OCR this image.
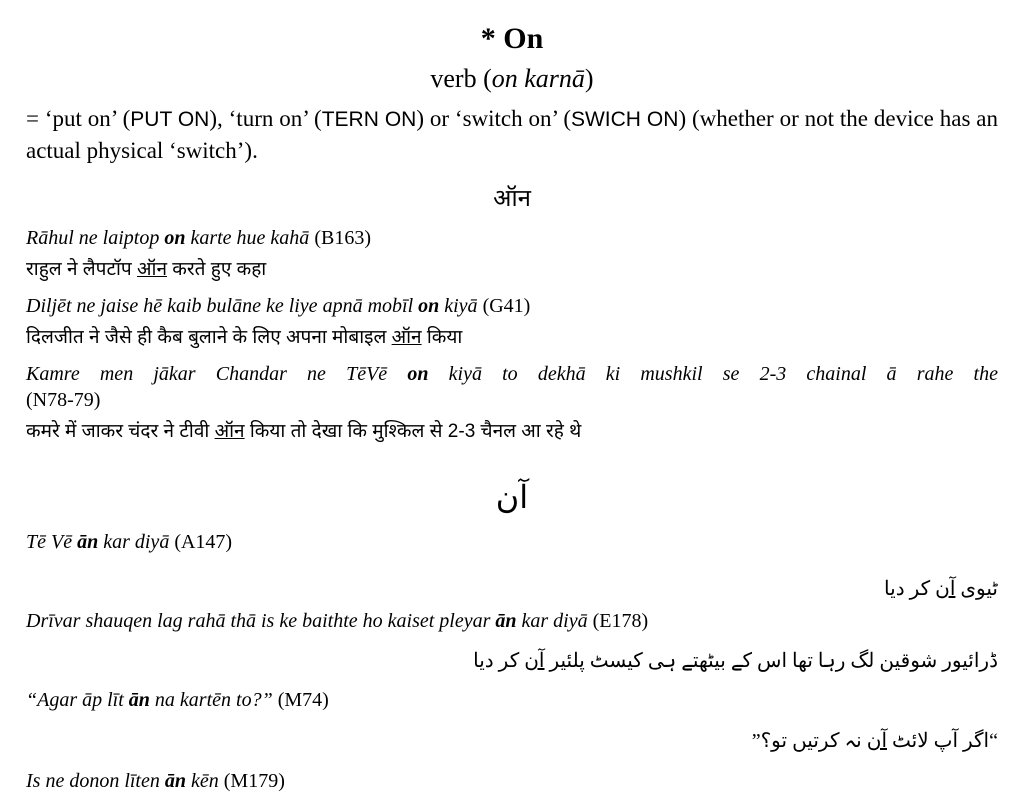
* On
verb (on karnā)
= ‘put on’ (PUT ON), ‘turn on’ (TERN ON) or ‘switch on’ (SWICH ON) (whether or not the device has an actual physical ‘switch’).
ऑन
Rāhul ne laiptop on karte hue kahā (B163)
राहुल ने लैपटॉप ऑन करते हुए कहा
Diljēt ne jaise hē kaib bulāne ke liye apnā mobīl on kiyā (G41)
दिलजीत ने जैसे ही कैब बुलाने के लिए अपना मोबाइल ऑन किया
Kamre men jākar Chandar ne TēVē on kiyā to dekhā ki mushkil se 2-3 chainal ā rahe the
(N78-79)
कमरे में जाकर चंदर ने टीवी ऑन किया तो देखा कि मुश्किल से 2-3 चैनल आ रहे थे
آن
Tē Vē ān kar diyā (A147)
ٹیوی آن کر دیا
Drīvar shauqen lag rahā thā is ke baithte ho kaiset pleyar ān kar diyā (E178)
ڈرائیور شوقین لگ رہا تھا اس کے بیٹھتے ہی کیسٹ پلئیر آن کر دیا
“Agar āp līt ān na kartēn to?” (M74)
“اگر آپ لائٹ آن نہ کرتیں تو؟”
Is ne donon līten ān kēn (M179)
